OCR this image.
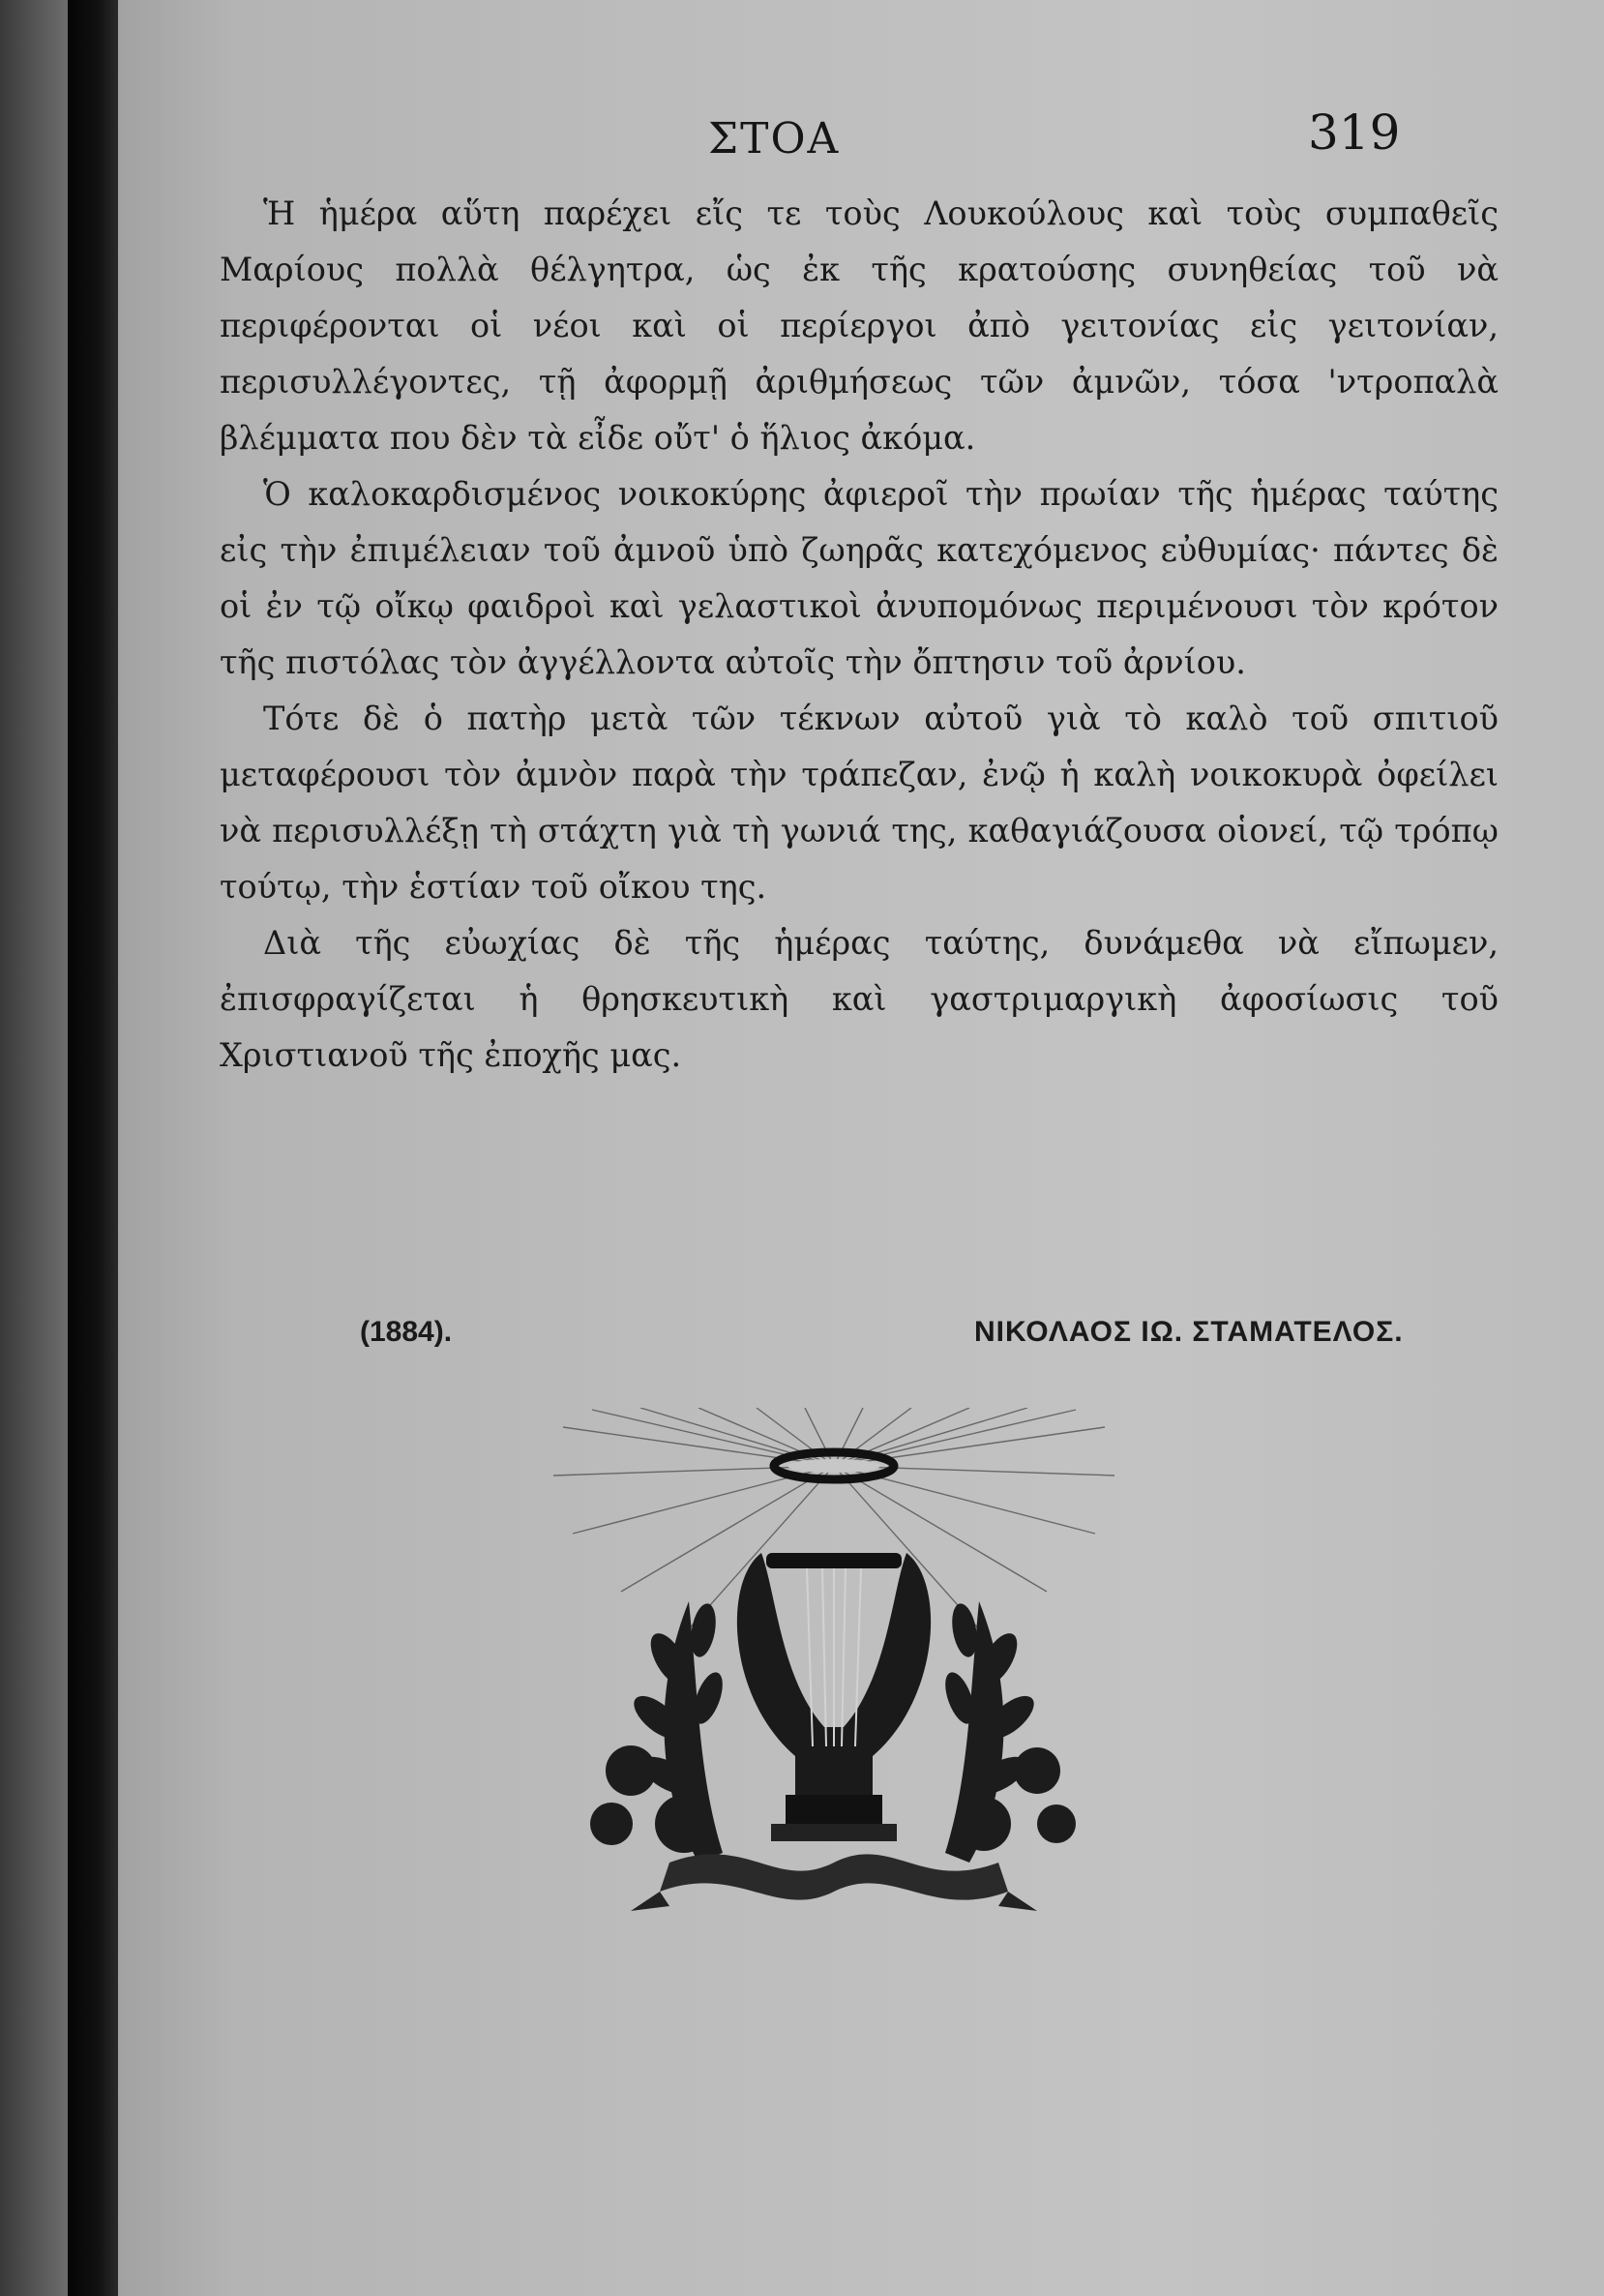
ΣΤΟΑ	319

Ἡ ἡμέρα αὕτη παρέχει εἴς τε τοὺς Λουκούλους καὶ τοὺς συμπαθεῖς Μαρίους πολλὰ θέλγητρα, ὡς ἐκ τῆς κρατούσης συνηθείας τοῦ νὰ περιφέρονται οἱ νέοι καὶ οἱ περίεργοι ἀπὸ γειτονίας εἰς γειτονίαν, περισυλλέγοντες, τῇ ἀφορμῇ ἀριθμήσεως τῶν ἀμνῶν, τόσα 'ντροπαλὰ βλέμματα που δὲν τὰ εἶδε οὔτ' ὁ ἥλιος ἀκόμα.

Ὁ καλοκαρδισμένος νοικοκύρης ἀφιεροῖ τὴν πρωίαν τῆς ἡμέρας ταύτης εἰς τὴν ἐπιμέλειαν τοῦ ἀμνοῦ ὑπὸ ζωηρᾶς κατεχόμενος εὐθυμίας· πάντες δὲ οἱ ἐν τῷ οἴκῳ φαιδροὶ καὶ γελαστικοὶ ἀνυπομόνως περιμένουσι τὸν κρότον τῆς πιστόλας τὸν ἀγγέλλοντα αὐτοῖς τὴν ὄπτησιν τοῦ ἀρνίου.

Τότε δὲ ὁ πατὴρ μετὰ τῶν τέκνων αὐτοῦ γιὰ τὸ καλὸ τοῦ σπιτιοῦ μεταφέρουσι τὸν ἀμνὸν παρὰ τὴν τράπεζαν, ἐνῷ ἡ καλὴ νοικοκυρὰ ὀφείλει νὰ περισυλλέξῃ τὴ στάχτη γιὰ τὴ γωνιά της, καθαγιάζουσα οἱονεί, τῷ τρόπῳ τούτῳ, τὴν ἑστίαν τοῦ οἴκου της.

Διὰ τῆς εὐωχίας δὲ τῆς ἡμέρας ταύτης, δυνάμεθα νὰ εἴπωμεν, ἐπισφραγίζεται ἡ θρησκευτικὴ καὶ γαστριμαργικὴ ἀφοσίωσις τοῦ Χριστιανοῦ τῆς ἐποχῆς μας.

(1884).	ΝΙΚΟΛΑΟΣ ΙΩ. ΣΤΑΜΑΤΕΛΟΣ.
